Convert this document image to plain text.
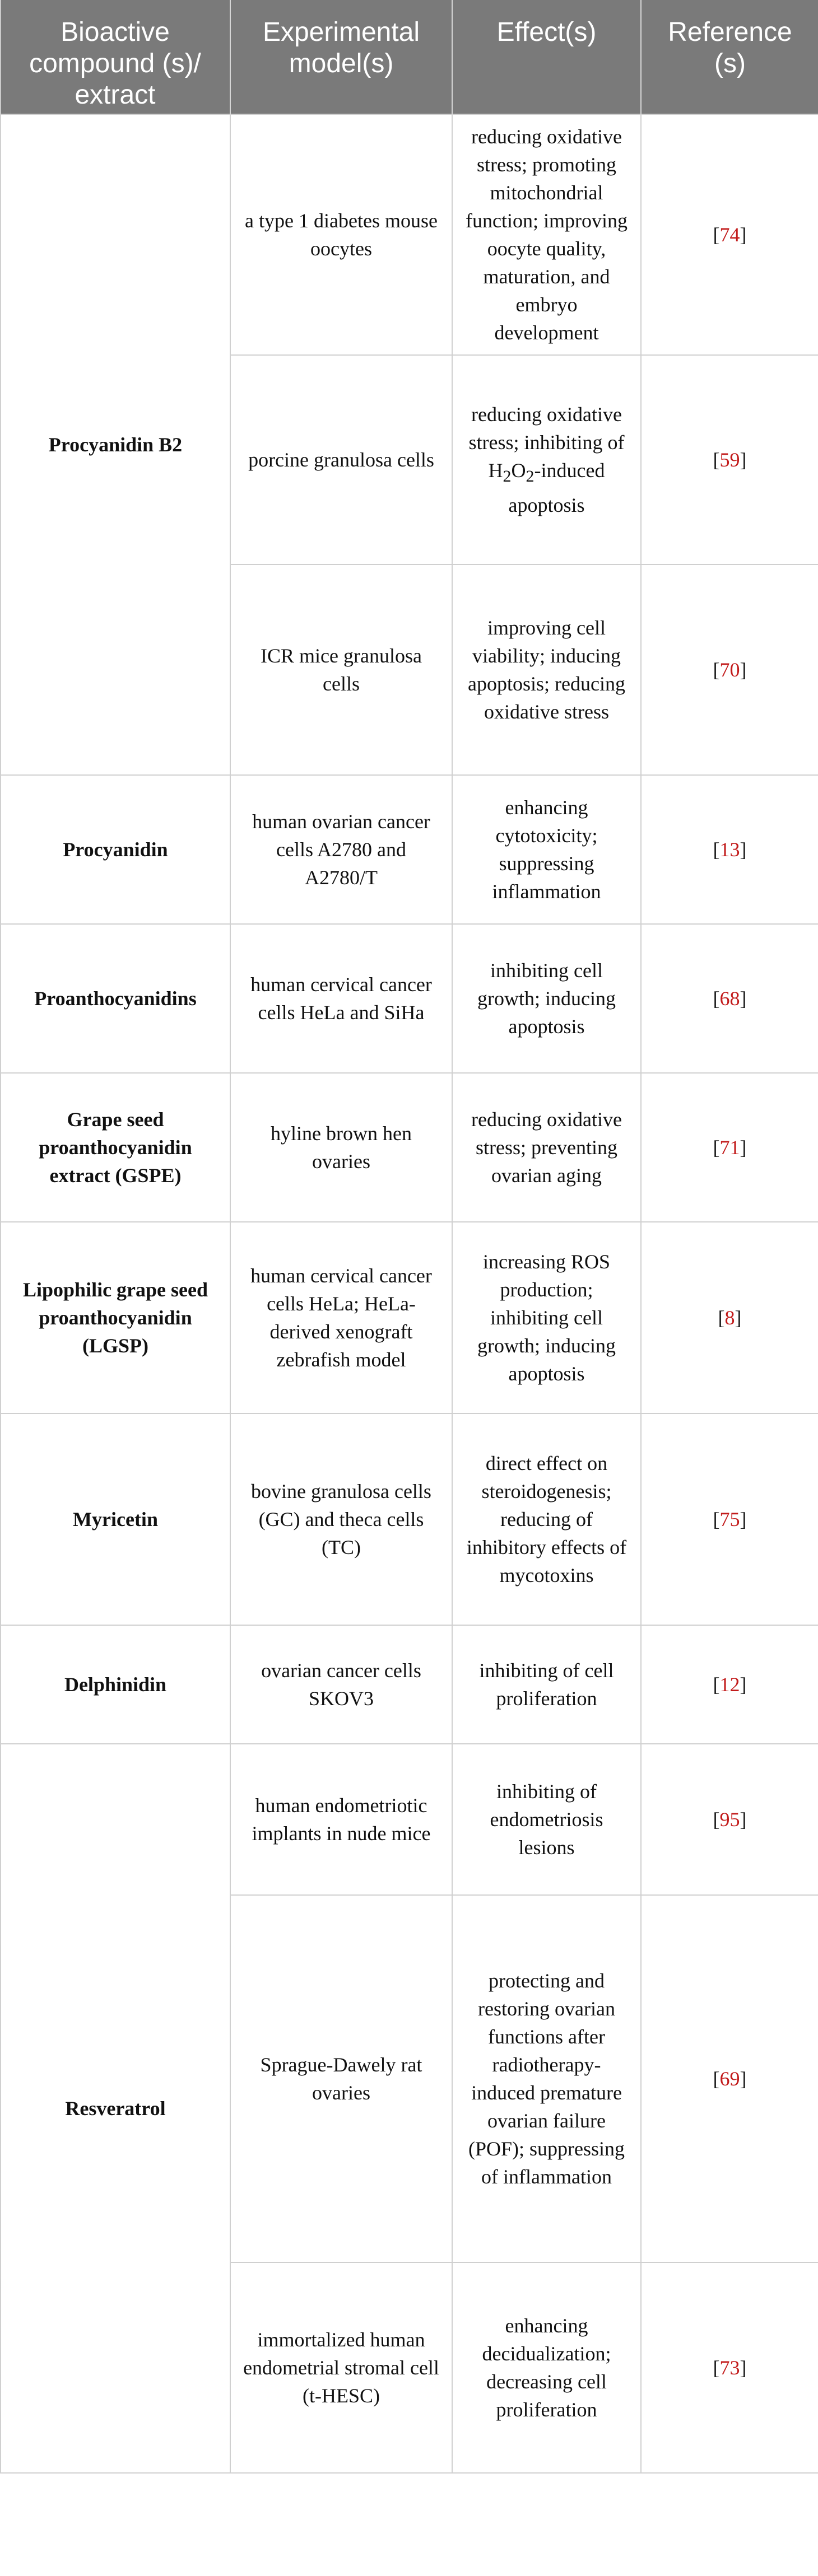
Bioactive compound (s)/ extract	Experimental model(s)	Effect(s)	Reference (s)
Procyanidin B2	a type 1 diabetes mouse oocytes	reducing oxidative stress; promoting mitochondrial function; improving oocyte quality, maturation, and embryo development	[74]
	porcine granulosa cells	reducing oxidative stress; inhibiting of $H_2O_2$-induced apoptosis	[59]
	ICR mice granulosa cells	improving cell viability; inducing apoptosis; reducing oxidative stress	[70]
Procyanidin	human ovarian cancer cells A2780 and A2780/T	enhancing cytotoxicity; suppressing inflammation	[13]
Proanthocyanidins	human cervical cancer cells HeLa and SiHa	inhibiting cell growth; inducing apoptosis	[68]
Grape seed proanthocyanidin extract (GSPE)	hyline brown hen ovaries	reducing oxidative stress; preventing ovarian aging	[71]
Lipophilic grape seed proanthocyanidin (LGSP)	human cervical cancer cells HeLa; HeLa-derived xenograft zebrafish model	increasing ROS production; inhibiting cell growth; inducing apoptosis	[8]
Myricetin	bovine granulosa cells (GC) and theca cells (TC)	direct effect on steroidogenesis; reducing of inhibitory effects of mycotoxins	[75]
Delphinidin	ovarian cancer cells SKOV3	inhibiting of cell proliferation	[12]
Resveratrol	human endometriotic implants in nude mice	inhibiting of endometriosis lesions	[95]
	Sprague-Dawely rat ovaries	protecting and restoring ovarian functions after radiotherapy-induced premature ovarian failure (POF); suppressing of inflammation	[69]
	immortalized human endometrial stromal cell (t-HESC)	enhancing decidualization; decreasing cell proliferation	[73]
